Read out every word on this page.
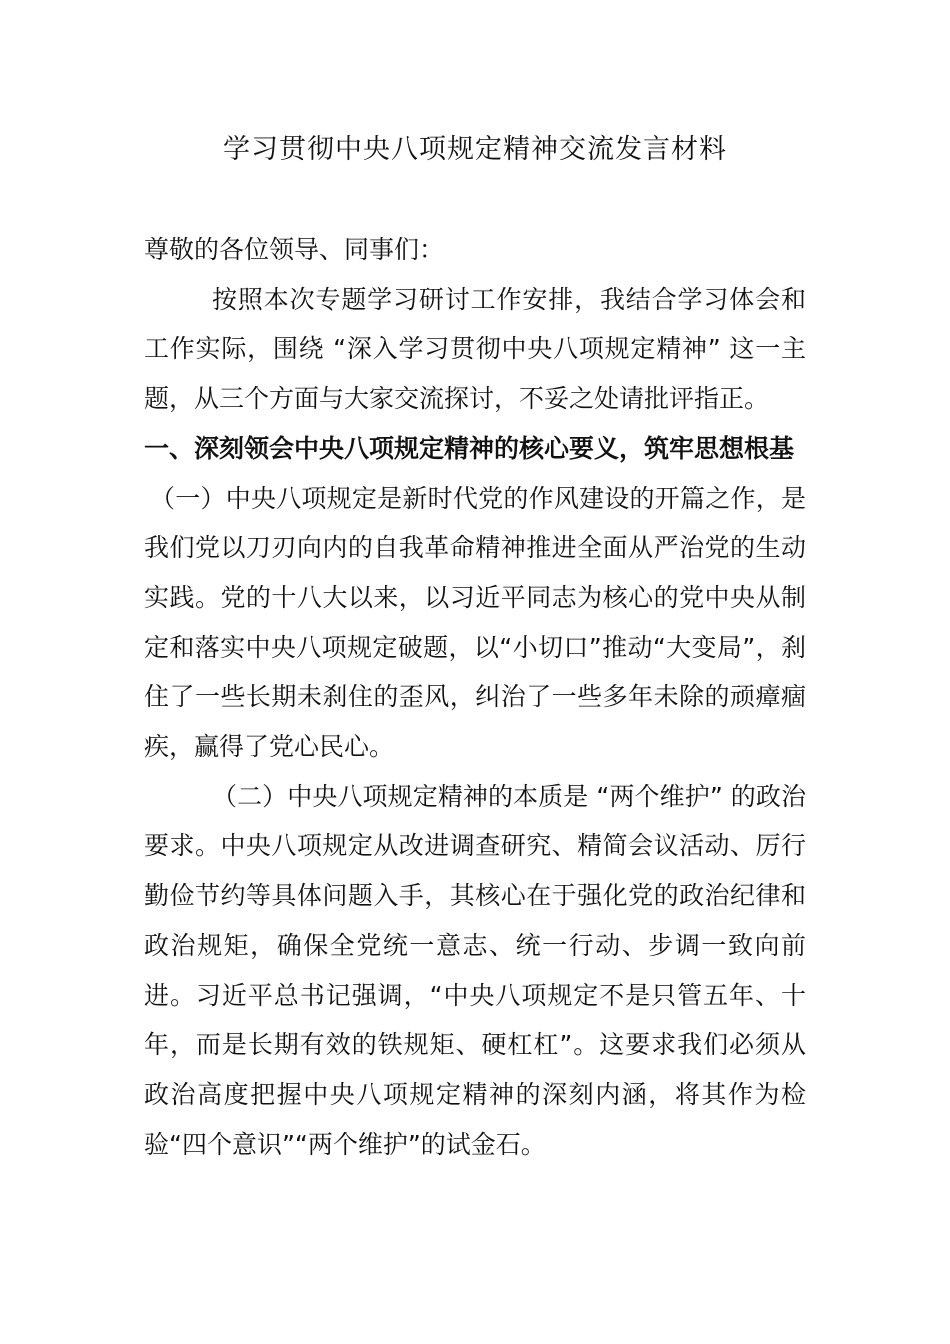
学习贯彻中央八项规定精神交流发言材料

尊敬的各位领导、同事们：

按照本次专题学习研讨工作安排，我结合学习体会和工作实际，围绕 “深入学习贯彻中央八项规定精神” 这一主题，从三个方面与大家交流探讨，不妥之处请批评指正。

一、深刻领会中央八项规定精神的核心要义，筑牢思想根基

（一）中央八项规定是新时代党的作风建设的开篇之作，是我们党以刀刃向内的自我革命精神推进全面从严治党的生动实践。党的十八大以来，以习近平同志为核心的党中央从制定和落实中央八项规定破题，以“小切口”推动“大变局”，刹住了一些长期未刹住的歪风，纠治了一些多年未除的顽瘴痼疾，赢得了党心民心。

（二）中央八项规定精神的本质是 “两个维护” 的政治要求。中央八项规定从改进调查研究、精简会议活动、厉行勤俭节约等具体问题入手，其核心在于强化党的政治纪律和政治规矩，确保全党统一意志、统一行动、步调一致向前进。习近平总书记强调，“中央八项规定不是只管五年、十年，而是长期有效的铁规矩、硬杠杠”。这要求我们必须从政治高度把握中央八项规定精神的深刻内涵，将其作为检验“四个意识”“两个维护”的试金石。
